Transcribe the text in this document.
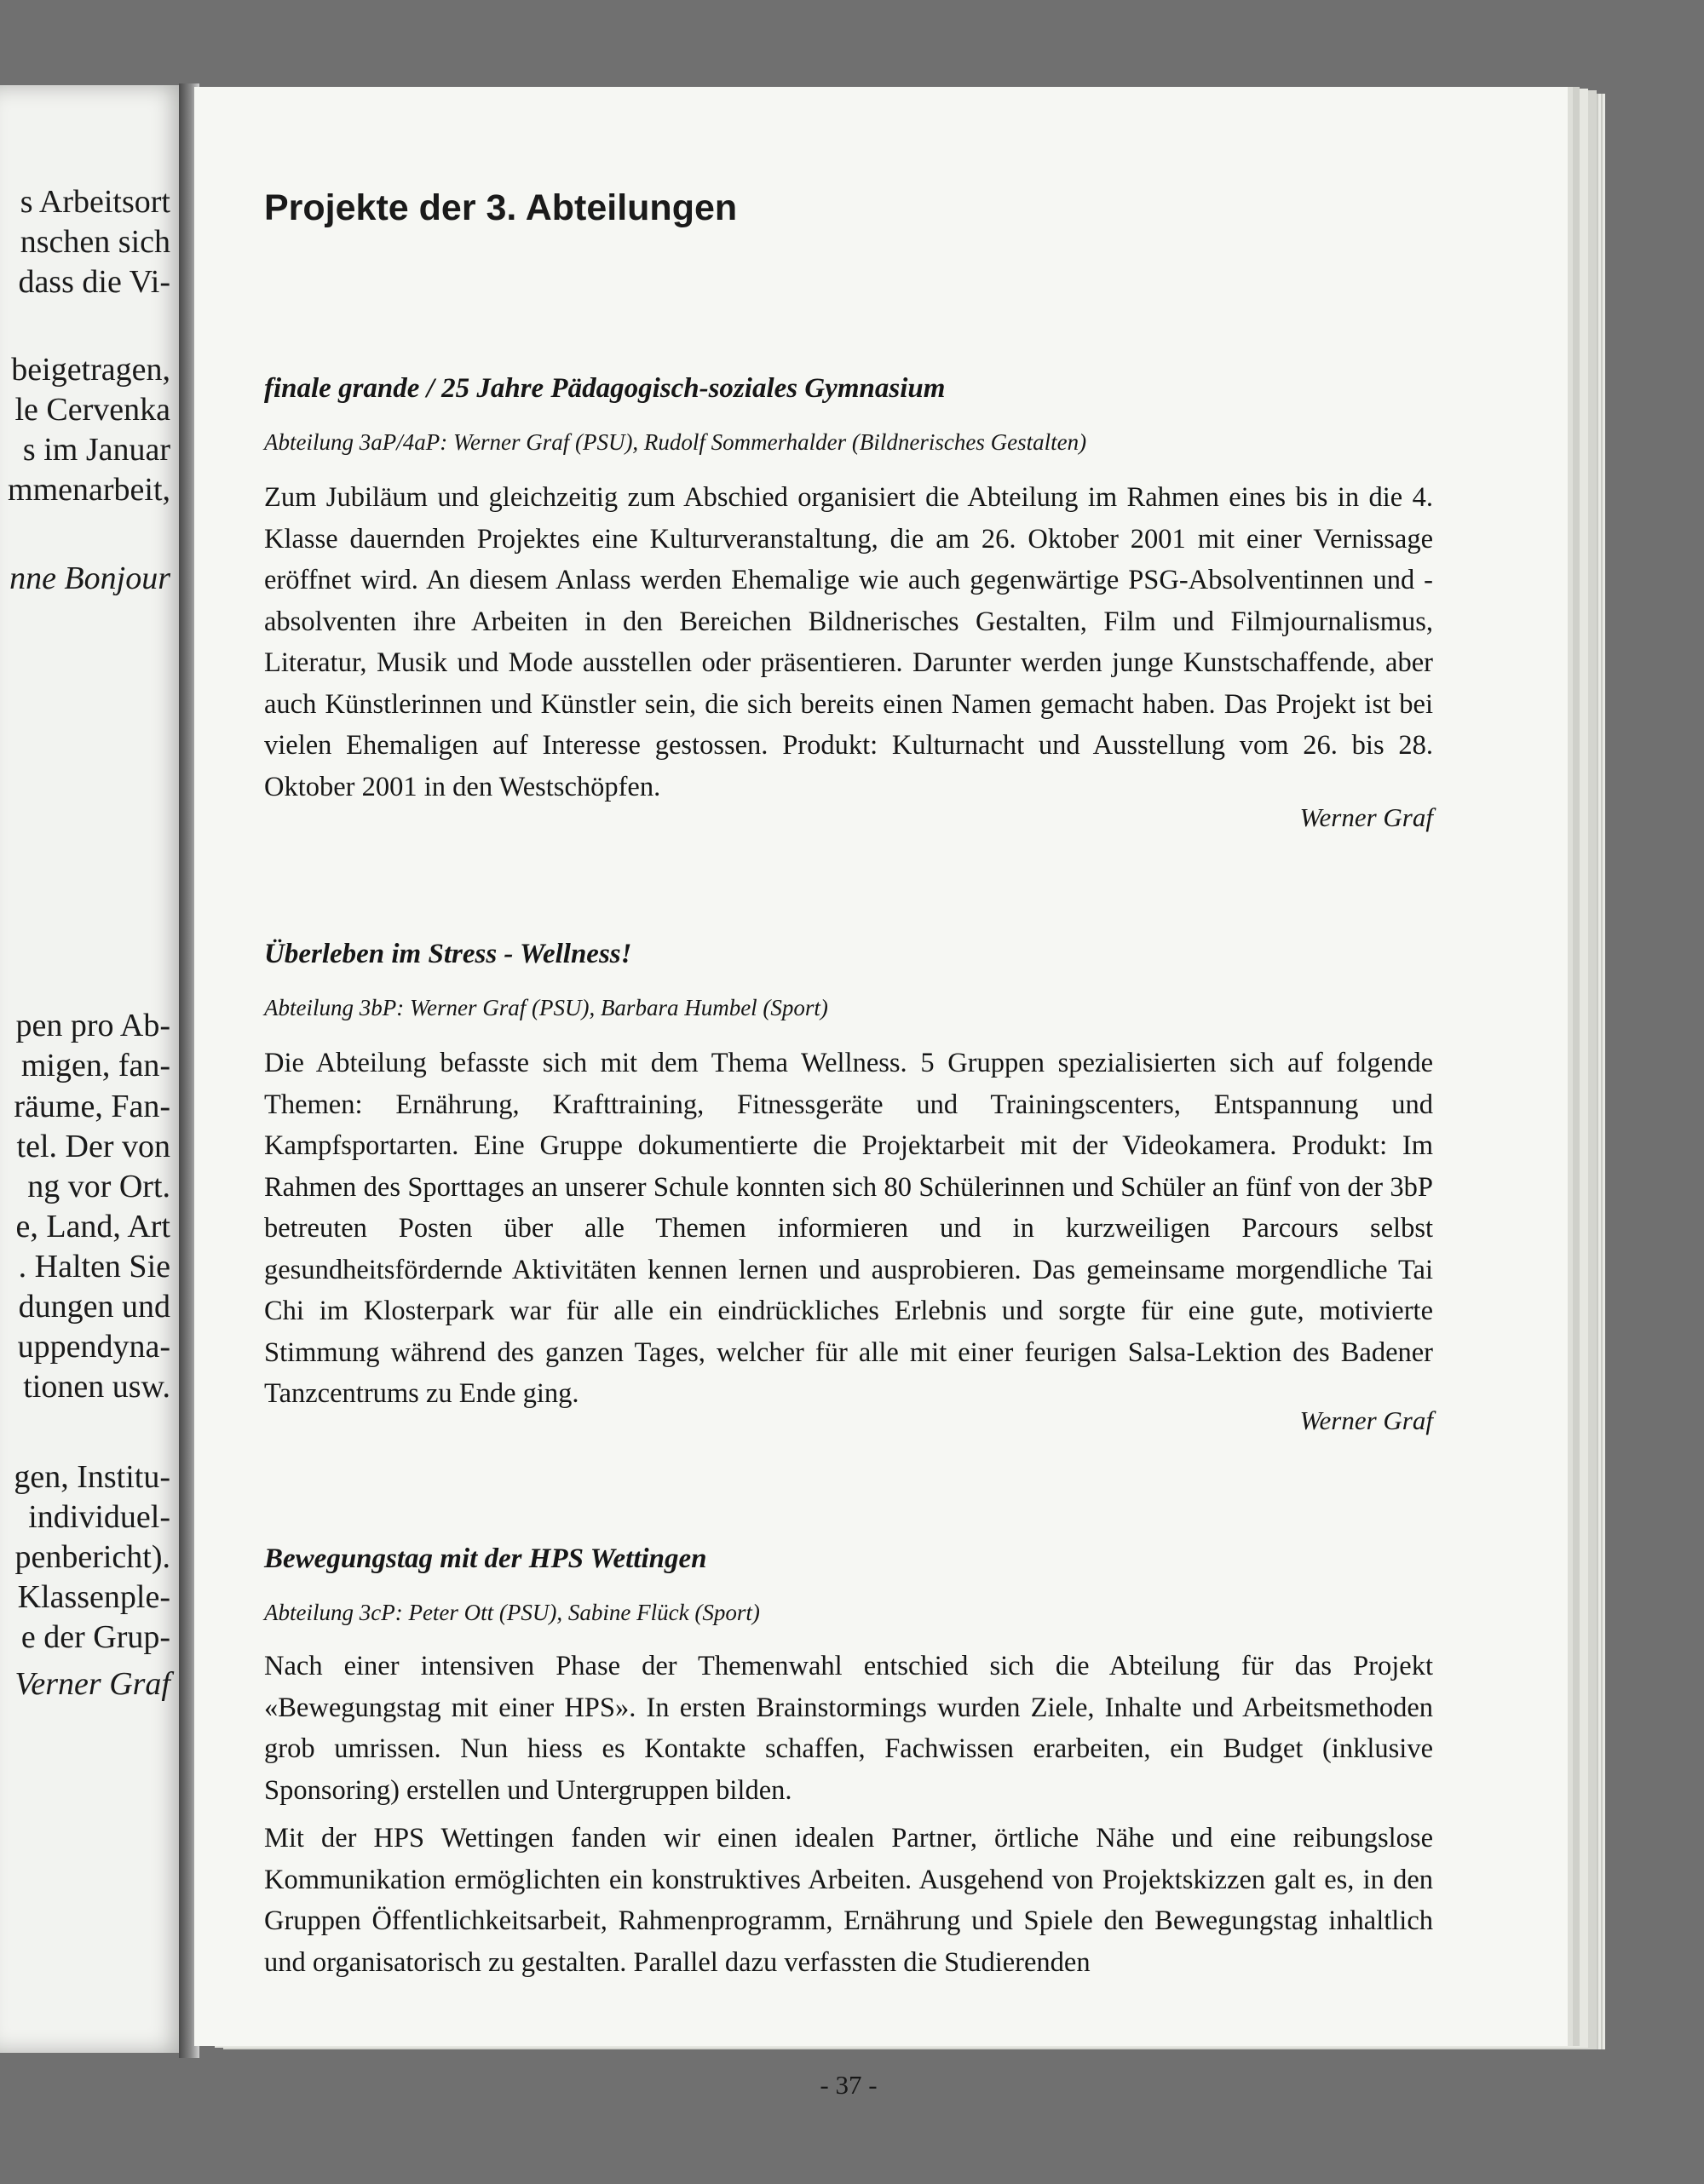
s Arbeitsort
nschen sich
dass die Vi-
beigetragen,
le Cervenka
s im Januar
mmenarbeit,
nne Bonjour
pen pro Ab-
migen, fan-
räume, Fan-
tel. Der von
ng vor Ort.
e, Land, Art
. Halten Sie
dungen und
uppendyna-
tionen usw.
gen, Institu-
individuel-
penbericht).
Klassenple-
e der Grup-
Verner Graf
Projekte der 3. Abteilungen
finale grande / 25 Jahre Pädagogisch-soziales Gymnasium
Abteilung 3aP/4aP: Werner Graf (PSU), Rudolf Sommerhalder (Bildnerisches Gestalten)
Zum Jubiläum und gleichzeitig zum Abschied organisiert die Abteilung im Rahmen eines bis in die 4. Klasse dauernden Projektes eine Kulturveranstaltung, die am 26. Oktober 2001 mit einer Vernissage eröffnet wird. An diesem Anlass werden Ehemalige wie auch gegenwärtige PSG-Absolventinnen und -absolventen ihre Arbeiten in den Bereichen Bildnerisches Gestalten, Film und Filmjournalismus, Literatur, Musik und Mode ausstellen oder präsentieren. Darunter werden junge Kunstschaffende, aber auch Künstlerinnen und Künstler sein, die sich bereits einen Namen gemacht haben. Das Projekt ist bei vielen Ehemaligen auf Interesse gestossen. Produkt: Kulturnacht und Ausstellung vom 26. bis 28. Oktober 2001 in den Westschöpfen.
Werner Graf
Überleben im Stress - Wellness!
Abteilung 3bP: Werner Graf (PSU), Barbara Humbel (Sport)
Die Abteilung befasste sich mit dem Thema Wellness. 5 Gruppen spezialisierten sich auf folgende Themen: Ernährung, Krafttraining, Fitnessgeräte und Trainingscenters, Entspannung und Kampfsportarten. Eine Gruppe dokumentierte die Projektarbeit mit der Videokamera. Produkt: Im Rahmen des Sporttages an unserer Schule konnten sich 80 Schülerinnen und Schüler an fünf von der 3bP betreuten Posten über alle Themen informieren und in kurzweiligen Parcours selbst gesundheitsfördernde Aktivitäten kennen lernen und ausprobieren. Das gemeinsame morgendliche Tai Chi im Klosterpark war für alle ein eindrückliches Erlebnis und sorgte für eine gute, motivierte Stimmung während des ganzen Tages, welcher für alle mit einer feurigen Salsa-Lektion des Badener Tanzcentrums zu Ende ging.
Werner Graf
Bewegungstag mit der HPS Wettingen
Abteilung 3cP: Peter Ott (PSU), Sabine Flück (Sport)
Nach einer intensiven Phase der Themenwahl entschied sich die Abteilung für das Projekt «Bewegungstag mit einer HPS». In ersten Brainstormings wurden Ziele, Inhalte und Arbeitsmethoden grob umrissen. Nun hiess es Kontakte schaffen, Fachwissen erarbeiten, ein Budget (inklusive Sponsoring) erstellen und Untergruppen bilden.
Mit der HPS Wettingen fanden wir einen idealen Partner, örtliche Nähe und eine reibungslose Kommunikation ermöglichten ein konstruktives Arbeiten. Ausgehend von Projektskizzen galt es, in den Gruppen Öffentlichkeitsarbeit, Rahmenprogramm, Ernährung und Spiele den Bewegungstag inhaltlich und organisatorisch zu gestalten. Parallel dazu verfassten die Studierenden
- 37 -
